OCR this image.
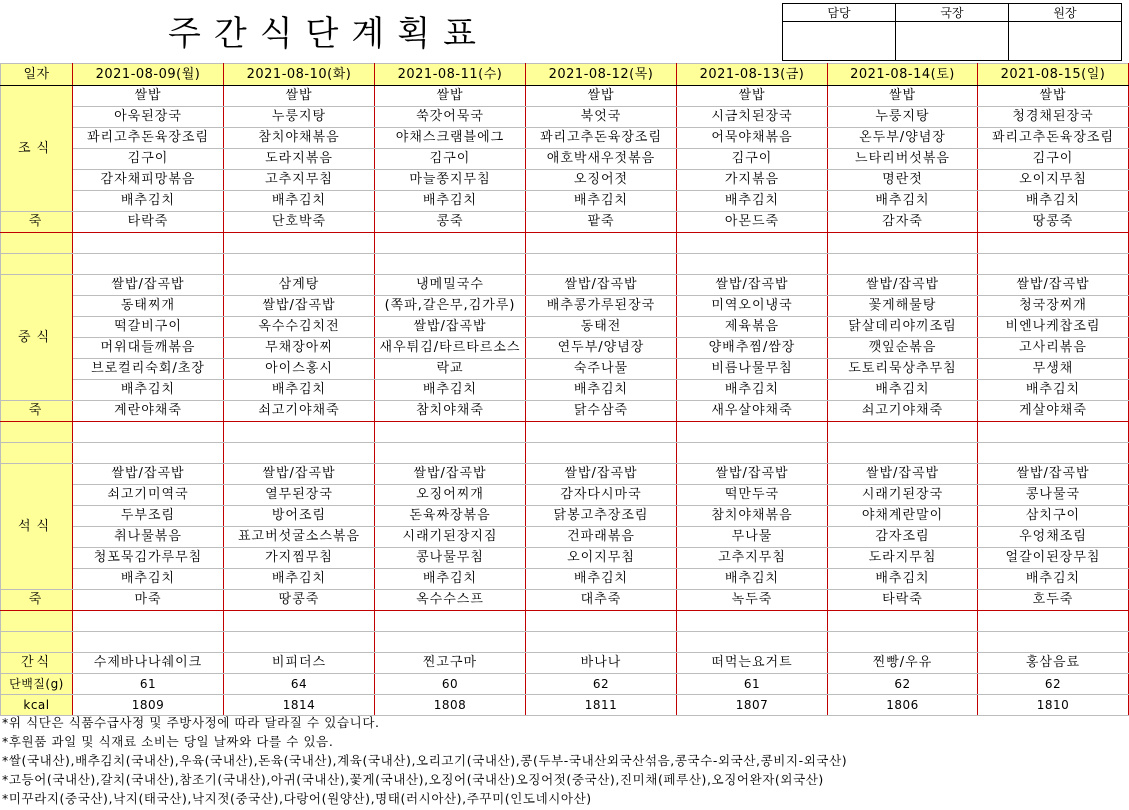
주간식단계획표
담당	국장	원장

일자	2021-08-09(월)	2021-08-10(화)	2021-08-11(수)	2021-08-12(목)	2021-08-13(금)	2021-08-14(토)	2021-08-15(일)
조식	쌀밥	쌀밥	쌀밥	쌀밥	쌀밥	쌀밥	쌀밥
	아욱된장국	누룽지탕	쑥갓어묵국	북엇국	시금치된장국	누룽지탕	청경채된장국
	꽈리고추돈육장조림	참치야채볶음	야채스크램블에그	꽈리고추돈육장조림	어묵야채볶음	온두부/양념장	꽈리고추돈육장조림
	김구이	도라지볶음	김구이	애호박새우젓볶음	김구이	느타리버섯볶음	김구이
	감자채피망볶음	고추지무침	마늘쫑지무침	오징어젓	가지볶음	명란젓	오이지무침
	배추김치	배추김치	배추김치	배추김치	배추김치	배추김치	배추김치
죽	타락죽	단호박죽	콩죽	팥죽	아몬드죽	감자죽	땅콩죽

중식	쌀밥/잡곡밥	삼계탕	냉메밀국수	쌀밥/잡곡밥	쌀밥/잡곡밥	쌀밥/잡곡밥	쌀밥/잡곡밥
	동태찌개	쌀밥/잡곡밥	(쪽파,갈은무,김가루)	배추콩가루된장국	미역오이냉국	꽃게해물탕	청국장찌개
	떡갈비구이	옥수수김치전	쌀밥/잡곡밥	동태전	제육볶음	닭살데리야끼조림	비엔나케찹조림
	머위대들깨볶음	무채장아찌	새우튀김/타르타르소스	연두부/양념장	양배추찜/쌈장	깻잎순볶음	고사리볶음
	브로컬리숙회/초장	아이스홍시	락교	숙주나물	비름나물무침	도토리묵상추무침	무생채
	배추김치	배추김치	배추김치	배추김치	배추김치	배추김치	배추김치
죽	계란야채죽	쇠고기야채죽	참치야채죽	닭수삼죽	새우살야채죽	쇠고기야채죽	게살야채죽

석식	쌀밥/잡곡밥	쌀밥/잡곡밥	쌀밥/잡곡밥	쌀밥/잡곡밥	쌀밥/잡곡밥	쌀밥/잡곡밥	쌀밥/잡곡밥
	쇠고기미역국	열무된장국	오징어찌개	감자다시마국	떡만두국	시래기된장국	콩나물국
	두부조림	방어조림	돈육짜장볶음	닭봉고추장조림	참치야채볶음	야채계란말이	삼치구이
	취나물볶음	표고버섯굴소스볶음	시래기된장지짐	건파래볶음	무나물	감자조림	우엉채조림
	청포묵김가루무침	가지찜무침	콩나물무침	오이지무침	고추지무침	도라지무침	얼갈이된장무침
	배추김치	배추김치	배추김치	배추김치	배추김치	배추김치	배추김치
죽	마죽	땅콩죽	옥수수스프	대추죽	녹두죽	타락죽	호두죽

간식	수제바나나쉐이크	비피더스	찐고구마	바나나	떠먹는요거트	찐빵/우유	홍삼음료
단백질(g)	61	64	60	62	61	62	62
kcal	1809	1814	1808	1811	1807	1806	1810
*위 식단은 식품수급사정 및 주방사정에 따라 달라질 수 있습니다.
*후원품 과일 및 식재료 소비는 당일 날짜와 다를 수 있음.
*쌀(국내산),배추김치(국내산),우육(국내산),돈육(국내산),계육(국내산),오리고기(국내산),콩(두부-국내산외국산섞음,콩국수-외국산,콩비지-외국산)
*고등어(국내산),갈치(국내산),참조기(국내산),아귀(국내산),꽃게(국내산),오징어(국내산)오징어젓(중국산),진미채(페루산),오징어완자(외국산)
*미꾸라지(중국산),낙지(태국산),낙지젓(중국산),다랑어(원양산),명태(러시아산),주꾸미(인도네시아산)
